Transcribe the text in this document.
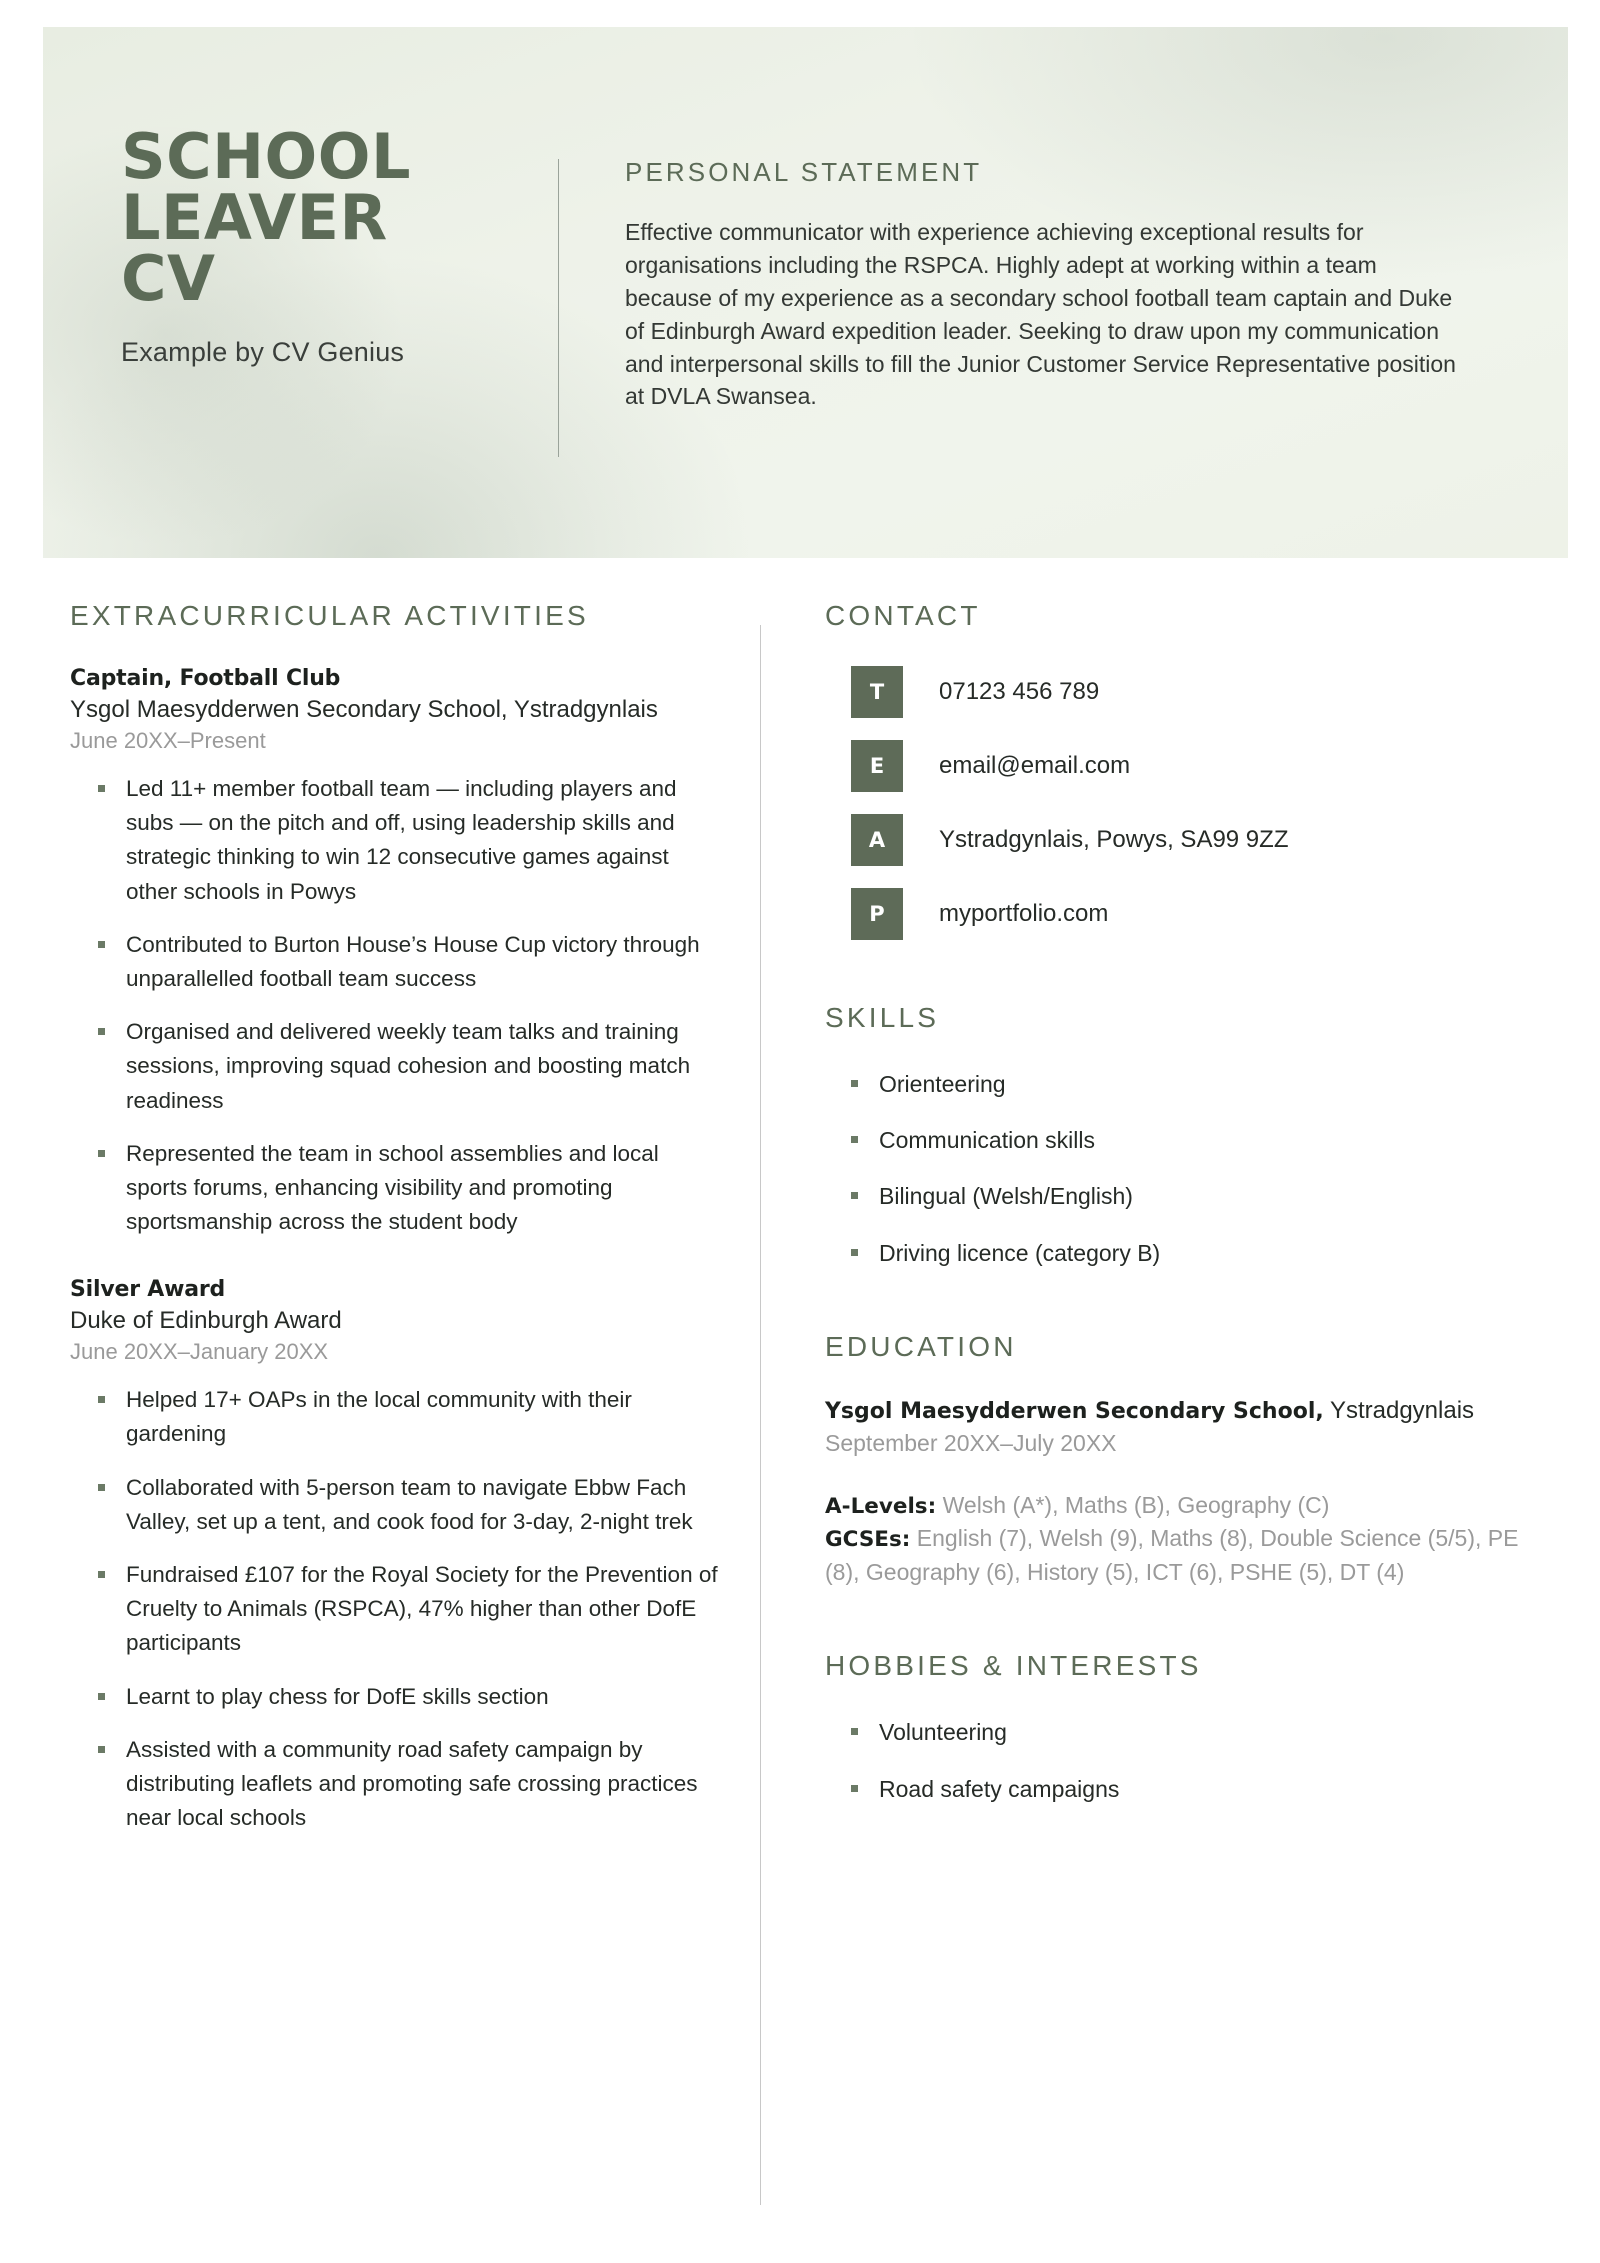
SCHOOL
LEAVER
CV
Example by CV Genius
PERSONAL STATEMENT

Effective communicator with experience achieving exceptional results for organisations including the RSPCA. Highly adept at working within a team because of my experience as a secondary school football team captain and Duke of Edinburgh Award expedition leader. Seeking to draw upon my communication and interpersonal skills to fill the Junior Customer Service Representative position at DVLA Swansea.

EXTRACURRICULAR ACTIVITIES
Captain, Football Club
Ysgol Maesydderwen Secondary School, Ystradgynlais
June 20XX–Present
Led 11+ member football team — including players and subs — on the pitch and off, using leadership skills and strategic thinking to win 12 consecutive games against other schools in Powys
Contributed to Burton House’s House Cup victory through unparallelled football team success
Organised and delivered weekly team talks and training sessions, improving squad cohesion and boosting match readiness
Represented the team in school assemblies and local sports forums, enhancing visibility and promoting sportsmanship across the student body
Silver Award
Duke of Edinburgh Award
June 20XX–January 20XX
Helped 17+ OAPs in the local community with their gardening
Collaborated with 5-person team to navigate Ebbw Fach Valley, set up a tent, and cook food for 3-day, 2-night trek
Fundraised £107 for the Royal Society for the Prevention of Cruelty to Animals (RSPCA), 47% higher than other DofE participants
Learnt to play chess for DofE skills section
Assisted with a community road safety campaign by distributing leaflets and promoting safe crossing practices near local schools
CONTACT
T	07123 456 789
E	email@email.com
A	Ystradgynlais, Powys, SA99 9ZZ
P	myportfolio.com
SKILLS
Orienteering
Communication skills
Bilingual (Welsh/English)
Driving licence (category B)
EDUCATION

Ysgol Maesydderwen Secondary School, Ystradgynlais

September 20XX–July 20XX

A-Levels: Welsh (A*), Maths (B), Geography (C)
GCSEs: English (7), Welsh (9), Maths (8), Double Science (5/5), PE (8), Geography (6), History (5), ICT (6), PSHE (5), DT (4)

HOBBIES & INTERESTS
Volunteering
Road safety campaigns
